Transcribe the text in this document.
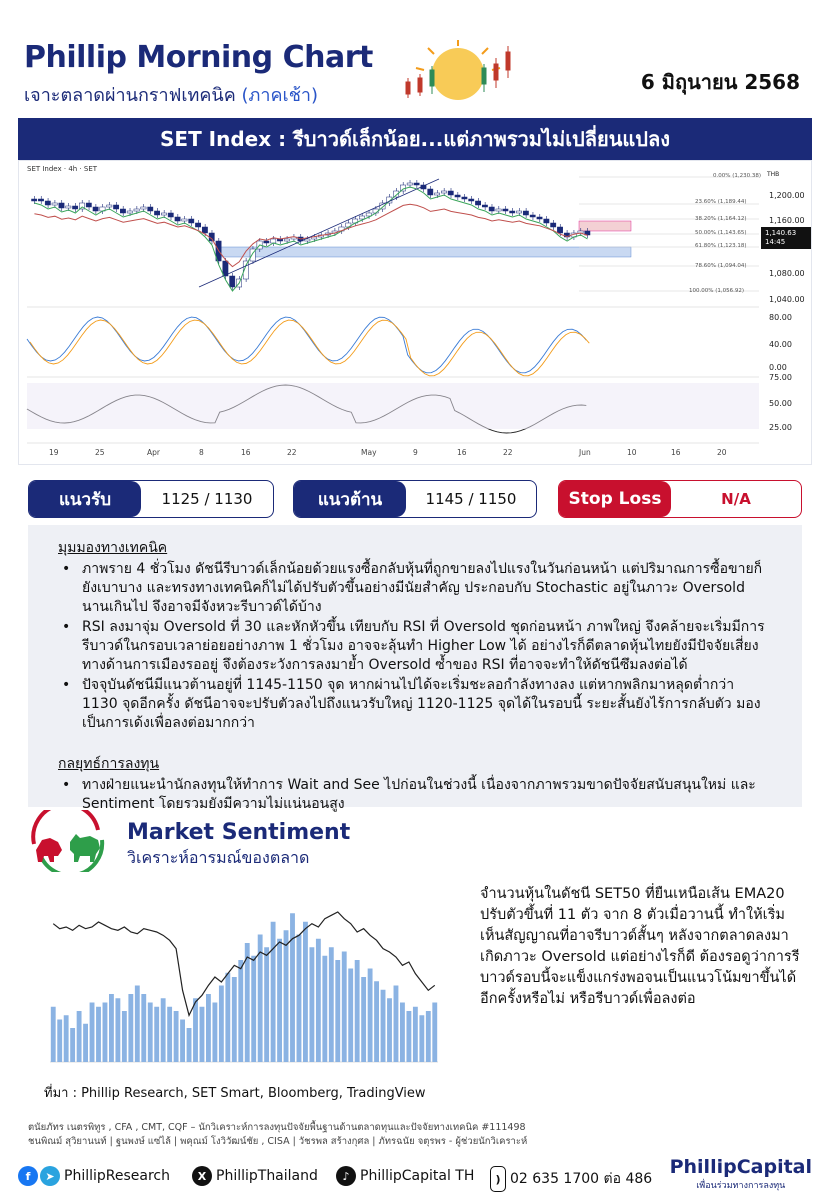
Phillip Morning Chart
เจาะตลาดผ่านกราฟเทคนิค (ภาคเช้า)
6 มิถุนายน 2568
SET Index : รีบาวด์เล็กน้อย...แต่ภาพรวมไม่เปลี่ยนแปลง
SET Index · 4h · SET
0.00% (1,230.38)
23.60% (1,189.44)
38.20% (1,164.12)
50.00% (1,143.65)
61.80% (1,123.18)
78.60% (1,094.04)
100.00% (1,056.92)
THB
1,200.00
1,160.00
1,080.00
1,040.00
1,140.63
14:45
80.00
40.00
0.00
75.00
50.00
25.00
19	25	Apr	8	16	22	May	9	16	22	Jun	10	16	20
แนวรับ	1125 / 1130	แนวต้าน	1145 / 1150	Stop Loss	N/A
มุมมองทางเทคนิค
• ภาพราย 4 ชั่วโมง ดัชนีรีบาวด์เล็กน้อยด้วยแรงซื้อกลับหุ้นที่ถูกขายลงไปแรงในวันก่อนหน้า แต่ปริมาณการซื้อขายก็ยังเบาบาง และทรงทางเทคนิคก็ไม่ได้ปรับตัวขึ้นอย่างมีนัยสำคัญ ประกอบกับ Stochastic อยู่ในภาวะ Oversold นานเกินไป จึงอาจมีจังหวะรีบาวด์ได้บ้าง
• RSI ลงมาจุ่ม Oversold ที่ 30 และหักหัวขึ้น เทียบกับ RSI ที่ Oversold ชุดก่อนหน้า ภาพใหญ่ จึงคล้ายจะเริ่มมีการรีบาวด์ในกรอบเวลาย่อยอย่างภาพ 1 ชั่วโมง อาจจะลุ้นทำ Higher Low ได้ อย่างไรก็ดีตลาดหุ้นไทยยังมีปัจจัยเสี่ยงทางด้านการเมืองรออยู่ จึงต้องระวังการลงมาย้ำ Oversold ซ้ำของ RSI ที่อาจจะทำให้ดัชนีซึมลงต่อได้
• ปัจจุบันดัชนีมีแนวต้านอยู่ที่ 1145-1150 จุด หากผ่านไปได้จะเริ่มชะลอกำลังทางลง แต่หากพลิกมาหลุดต่ำกว่า 1130 จุดอีกครั้ง ดัชนีอาจจะปรับตัวลงไปถึงแนวรับใหญ่ 1120-1125 จุดได้ในรอบนี้ ระยะสั้นยังไร้การกลับตัว มองเป็นการเด้งเพื่อลงต่อมากกว่า
กลยุทธ์การลงทุน
• ทางฝ่ายแนะนำนักลงทุนให้ทำการ Wait and See ไปก่อนในช่วงนี้ เนื่องจากภาพรวมขาดปัจจัยสนับสนุนใหม่ และ Sentiment โดยรวมยังมีความไม่แน่นอนสูง
Market Sentiment
วิเคราะห์อารมณ์ของตลาด
จำนวนหุ้นในดัชนี SET50 ที่ยืนเหนือเส้น EMA20 ปรับตัวขึ้นที่ 11 ตัว จาก 8 ตัวเมื่อวานนี้ ทำให้เริ่มเห็นสัญญาณที่อาจรีบาวด์สั้นๆ หลังจากตลาดลงมาเกิดภาวะ Oversold แต่อย่างไรก็ดี ต้องรอดูว่าการรีบาวด์รอบนี้จะแข็งแกร่งพอจนเป็นแนวโน้มขาขึ้นได้อีกครั้งหรือไม่ หรือรีบาวด์เพื่อลงต่อ
ที่มา : Phillip Research, SET Smart, Bloomberg, TradingView
ตนัยภัทร เนตรพิทูร , CFA , CMT, CQF – นักวิเคราะห์การลงทุนปัจจัยพื้นฐานด้านตลาดทุนและปัจจัยทางเทคนิค #111498
ชนพิณม์ สุวิยานนท์ | ฐนพงษ์ แซ่ไล้ | พคุณม์ โงวิวัฒน์ชัย , CISA | วัชรพล สร้างกุศล | ภัทรฉนัย จตุรพร - ผู้ช่วยนักวิเคราะห์
f	➤ PhillipResearch	X PhillipThailand	♪ PhillipCapital TH	) 02 635 1700 ต่อ 486
PhillipCapital
เพื่อนร่วมทางการลงทุน
